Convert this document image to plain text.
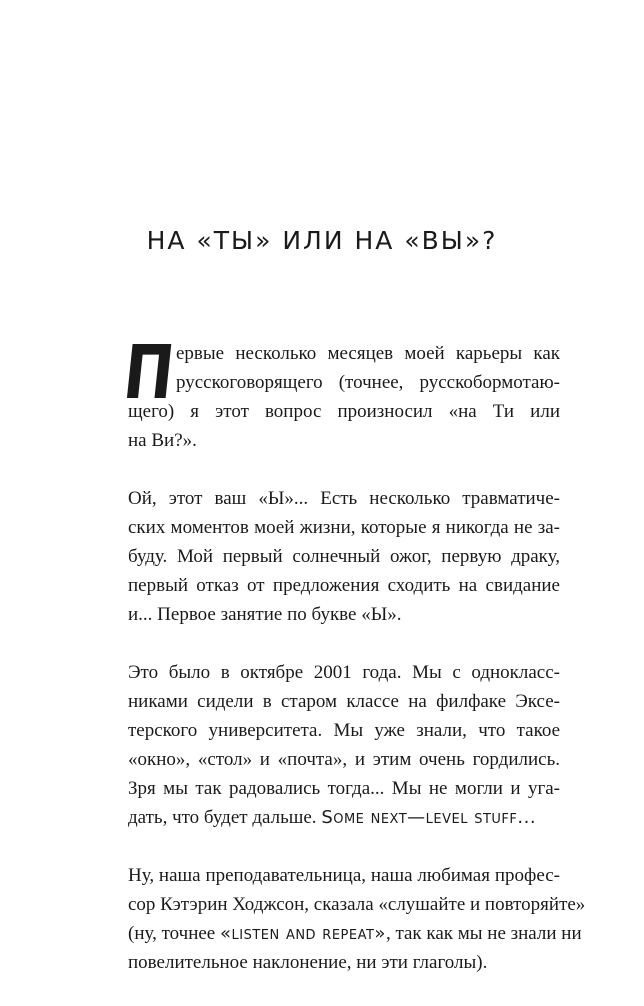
НА «ТЫ» ИЛИ НА «ВЫ»?
П
ервые несколько месяцев моей карьеры как
русскоговорящего (точнее, русскобормотаю-
щего) я этот вопрос произносил «на Ти или
на Ви?».
Ой, этот ваш «Ы»... Есть несколько травматиче-
ских моментов моей жизни, которые я никогда не за-
буду. Мой первый солнечный ожог, первую драку,
первый отказ от предложения сходить на свидание
и... Первое занятие по букве «Ы».
Это было в октябре 2001 года. Мы с однокласс-
никами сидели в старом классе на филфаке Эксе-
терского университета. Мы уже знали, что такое
«окно», «стол» и «почта», и этим очень гордились.
Зря мы так радовались тогда... Мы не могли и уга-
дать, что будет дальше. Some next—level stuff...
Ну, наша преподавательница, наша любимая профес-
сор Кэтэрин Ходжсон, сказала «слушайте и повторяйте»
(ну, точнее «listen and repeat», так как мы не знали ни
повелительное наклонение, ни эти глаголы).
